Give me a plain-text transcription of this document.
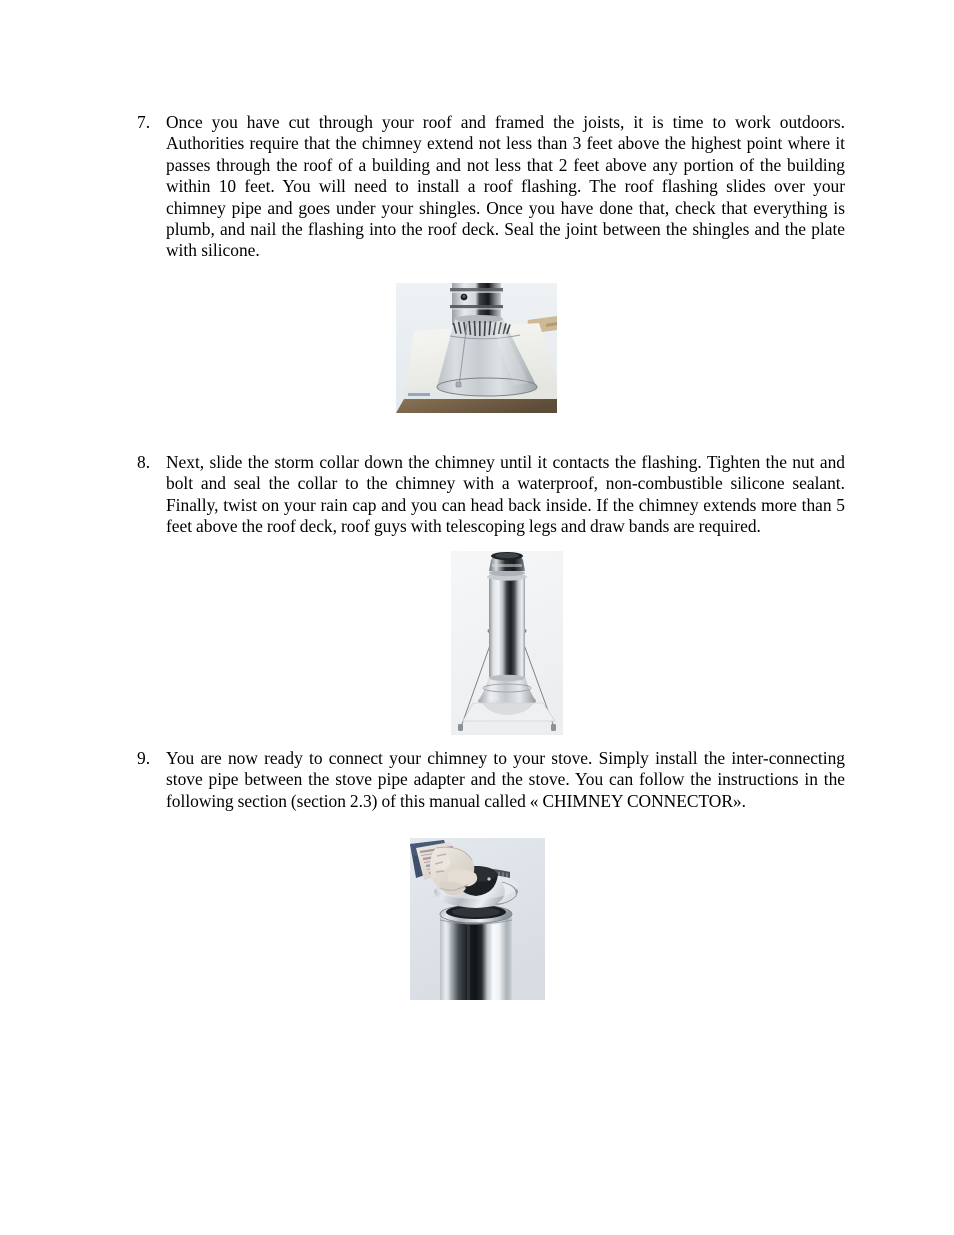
7. Once you have cut through your roof and framed the joists, it is time to work outdoors. Authorities require that the chimney extend not less than 3 feet above the highest point where it passes through the roof of a building and not less that 2 feet above any portion of the building within 10 feet. You will need to install a roof flashing. The roof flashing slides over your chimney pipe and goes under your shingles. Once you have done that, check that everything is plumb, and nail the flashing into the roof deck. Seal the joint between the shingles and the plate with silicone.
8. Next, slide the storm collar down the chimney until it contacts the flashing. Tighten the nut and bolt and seal the collar to the chimney with a waterproof, non-combustible silicone sealant. Finally, twist on your rain cap and you can head back inside. If the chimney extends more than 5 feet above the roof deck, roof guys with telescoping legs and draw bands are required.
9. You are now ready to connect your chimney to your stove. Simply install the inter-connecting stove pipe between the stove pipe adapter and the stove. You can follow the instructions in the following section (section 2.3) of this manual called « CHIMNEY CONNECTOR».
